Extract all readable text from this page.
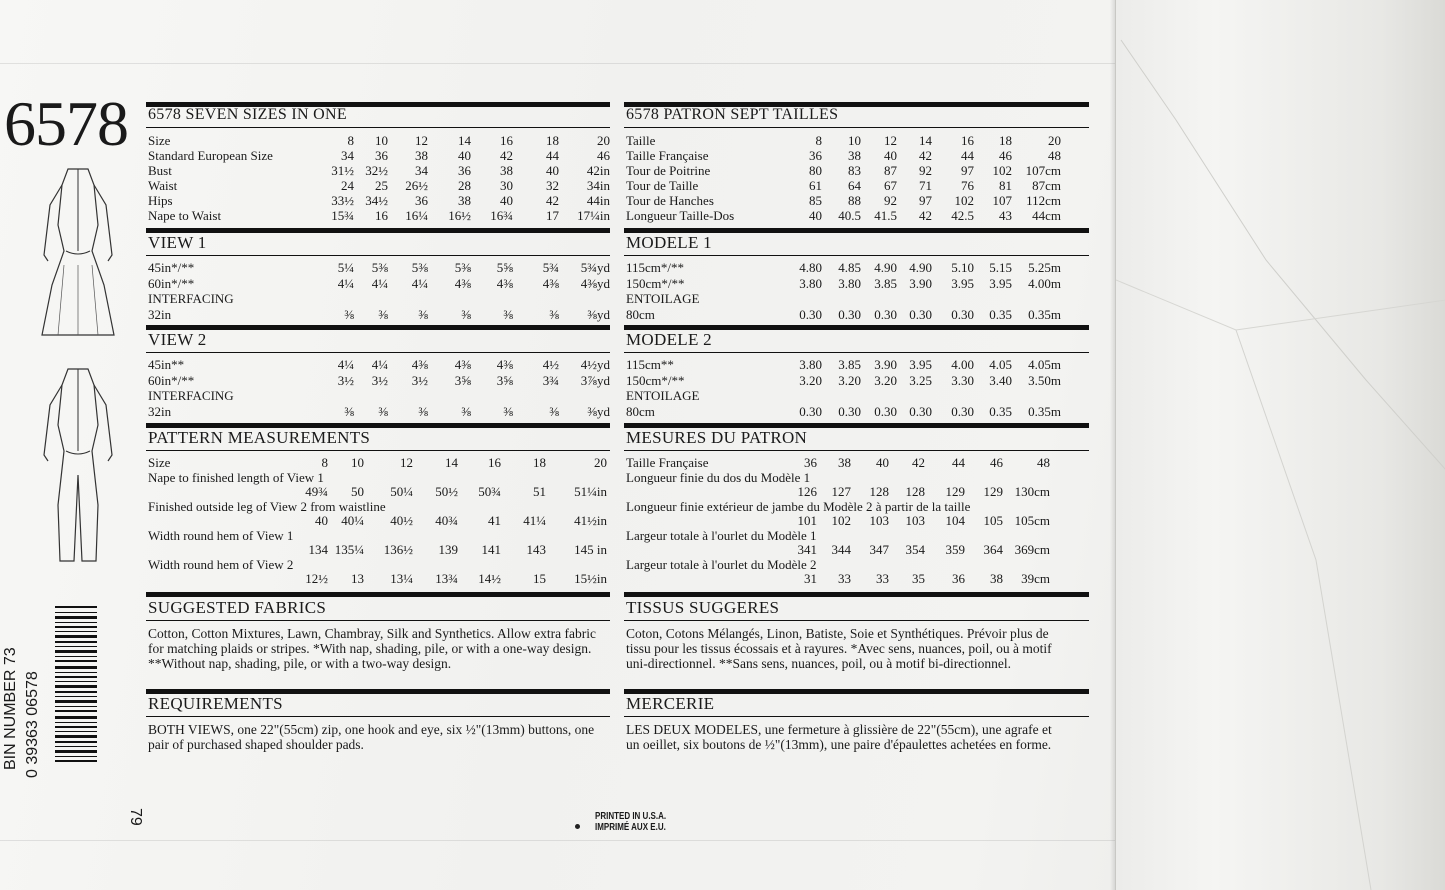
6578
BIN NUMBER 73 0 39363 06578
6578 SEVEN SIZES IN ONE
Size	8	10	12	14	16	18	20
Standard European Size	34	36	38	40	42	44	46
Bust	31½ 32½	34	36	38	40	42in
Waist	24	25	26½	28	30	32	34in
Hips	33½ 34½	36	38	40	42	44in
Nape to Waist	15¾	16	16¼	16½	16¾	17	17¼in
VIEW 1
45in*/**	5¼	5⅜	5⅜	5⅜	5⅝	5¾	5¾yd
60in*/**	4¼	4¼	4¼	4⅜	4⅜	4⅜	4⅜yd
INTERFACING
32in	⅜	⅜	⅜	⅜	⅜	⅜	⅜yd
VIEW 2
45in**	4¼	4¼	4⅜	4⅜	4⅜	4½	4½yd
60in*/**	3½	3½	3½	3⅝	3⅝	3¾	3⅞yd
INTERFACING
32in	⅜	⅜	⅜	⅜	⅜	⅜	⅜yd
PATTERN MEASUREMENTS
Size	8	10	12	14	16	18	20
Nape to finished length of View 1
49¾	50	50¼	50½	50¾	51	51¼in
Finished outside leg of View 2 from waistline
40	40¼	40½	40¾	41	41¼	41½in
Width round hem of View 1
134 135¼	136½	139	141	143	145 in
Width round hem of View 2
12½	13	13¼	13¾	14½	15	15½in
SUGGESTED FABRICS
Cotton, Cotton Mixtures, Lawn, Chambray, Silk and Synthetics. Allow extra fabric for matching plaids or stripes. *With nap, shading, pile, or with a one-way design. **Without nap, shading, pile, or with a two-way design.
REQUIREMENTS
BOTH VIEWS, one 22"(55cm) zip, one hook and eye, six ½"(13mm) buttons, one pair of purchased shaped shoulder pads.
6578 PATRON SEPT TAILLES
Taille	8	10	12	14	16	18	20
Taille Française	36	38	40	42	44	46	48
Tour de Poitrine	80	83	87	92	97	102	107cm
Tour de Taille	61	64	67	71	76	81	87cm
Tour de Hanches	85	88	92	97	102	107	112cm
Longueur Taille-Dos	40	40.5	41.5	42	42.5	43	44cm
MODELE 1
115cm*/**	4.80	4.85	4.90 4.90	5.10	5.15	5.25m
150cm*/**	3.80	3.80	3.85 3.90	3.95	3.95	4.00m
ENTOILAGE
80cm	0.30	0.30	0.30 0.30	0.30	0.35	0.35m
MODELE 2
115cm**	3.80	3.85	3.90 3.95	4.00	4.05	4.05m
150cm*/**	3.20	3.20	3.20 3.25	3.30	3.40	3.50m
ENTOILAGE
80cm	0.30	0.30	0.30 0.30	0.30	0.35	0.35m
MESURES DU PATRON
Taille Française	36	38	40	42	44	46	48
Longueur finie du dos du Modèle 1
126	127	128	128	129	129 130cm
Longueur finie extérieur de jambe du Modèle 2 à partir de la taille
101	102	103	103	104	105 105cm
Largeur totale à l'ourlet du Modèle 1
341	344	347	354	359	364 369cm
Largeur totale à l'ourlet du Modèle 2
31	33	33	35	36	38	39cm
TISSUS SUGGERES
Coton, Cotons Mélangés, Linon, Batiste, Soie et Synthétiques. Prévoir plus de tissu pour les tissus écossais et à rayures. *Avec sens, nuances, poil, ou à motif uni-directionnel. **Sans sens, nuances, poil, ou à motif bi-directionnel.
MERCERIE
LES DEUX MODELES, une fermeture à glissière de 22"(55cm), une agrafe et un oeillet, six boutons de ½"(13mm), une paire d'épaulettes achetées en forme.
79	PRINTED IN U.S.A.
IMPRIMÉ AUX E.U.
